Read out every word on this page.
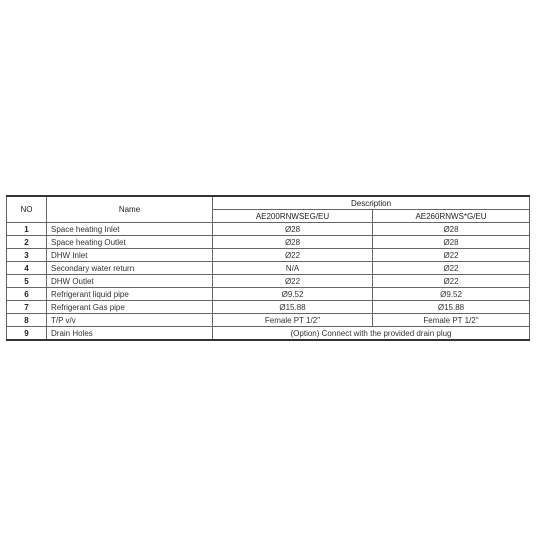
NO	Name	Description	
		AE200RNWSEG/EU	AE260RNWS*G/EU
1	Space heating Inlet	Ø28	Ø28
2	Space heating Outlet	Ø28	Ø28
3	DHW Inlet	Ø22	Ø22
4	Secondary water return	N/A	Ø22
5	DHW Outlet	Ø22	Ø22
6	Refrigerant liquid pipe	Ø9.52	Ø9.52
7	Refrigerant Gas pipe	Ø15.88	Ø15.88
8	T/P v/v	Female PT 1/2"	Female PT 1/2"
9	Drain Holes	(Option) Connect with the provided drain plug	
